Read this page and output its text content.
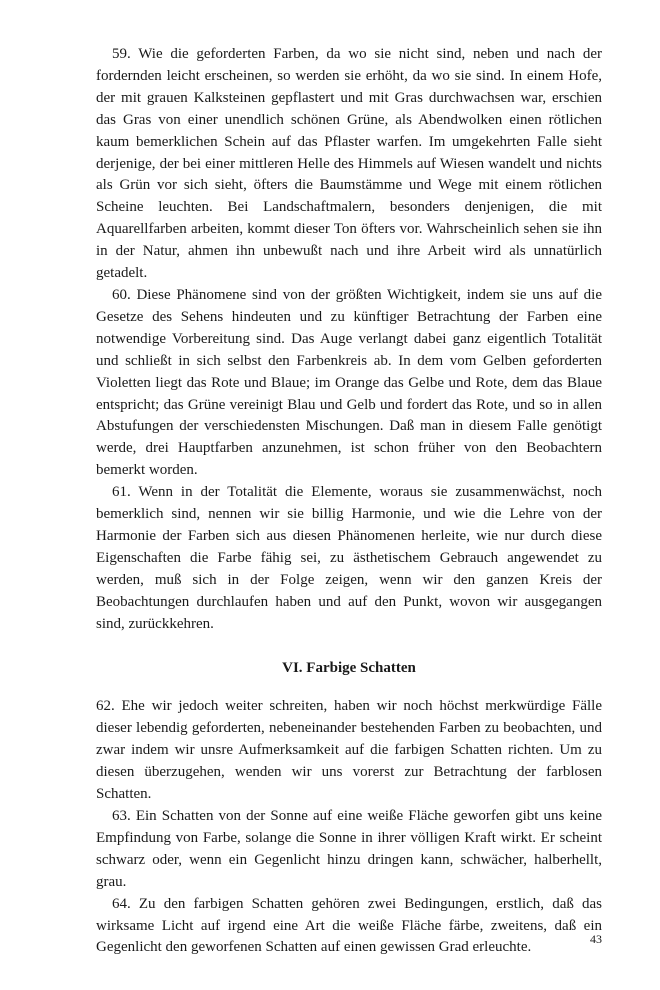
59. Wie die geforderten Farben, da wo sie nicht sind, neben und nach der fordernden leicht erscheinen, so werden sie erhöht, da wo sie sind. In einem Hofe, der mit grauen Kalksteinen gepflastert und mit Gras durchwachsen war, erschien das Gras von einer unendlich schönen Grüne, als Abendwolken einen rötlichen kaum bemerklichen Schein auf das Pflaster warfen. Im umgekehrten Falle sieht derjenige, der bei einer mittleren Helle des Himmels auf Wiesen wandelt und nichts als Grün vor sich sieht, öfters die Baumstämme und Wege mit einem rötlichen Scheine leuchten. Bei Landschaftmalern, besonders denjenigen, die mit Aquarellfarben arbeiten, kommt dieser Ton öfters vor. Wahrscheinlich sehen sie ihn in der Natur, ahmen ihn unbewußt nach und ihre Arbeit wird als unnatürlich getadelt.

60. Diese Phänomene sind von der größten Wichtigkeit, indem sie uns auf die Gesetze des Sehens hindeuten und zu künftiger Betrachtung der Farben eine notwendige Vorbereitung sind. Das Auge verlangt dabei ganz eigentlich Totalität und schließt in sich selbst den Farbenkreis ab. In dem vom Gelben geforderten Violetten liegt das Rote und Blaue; im Orange das Gelbe und Rote, dem das Blaue entspricht; das Grüne vereinigt Blau und Gelb und fordert das Rote, und so in allen Abstufungen der verschiedensten Mischungen. Daß man in diesem Falle genötigt werde, drei Hauptfarben anzunehmen, ist schon früher von den Beobachtern bemerkt worden.

61. Wenn in der Totalität die Elemente, woraus sie zusammenwächst, noch bemerklich sind, nennen wir sie billig Harmonie, und wie die Lehre von der Harmonie der Farben sich aus diesen Phänomenen herleite, wie nur durch diese Eigenschaften die Farbe fähig sei, zu ästhetischem Gebrauch angewendet zu werden, muß sich in der Folge zeigen, wenn wir den ganzen Kreis der Beobachtungen durchlaufen haben und auf den Punkt, wovon wir ausgegangen sind, zurückkehren.

VI. Farbige Schatten

62. Ehe wir jedoch weiter schreiten, haben wir noch höchst merkwürdige Fälle dieser lebendig geforderten, nebeneinander bestehenden Farben zu beobachten, und zwar indem wir unsre Aufmerksamkeit auf die farbigen Schatten richten. Um zu diesen überzugehen, wenden wir uns vorerst zur Betrachtung der farblosen Schatten.

63. Ein Schatten von der Sonne auf eine weiße Fläche geworfen gibt uns keine Empfindung von Farbe, solange die Sonne in ihrer völligen Kraft wirkt. Er scheint schwarz oder, wenn ein Gegenlicht hinzu dringen kann, schwächer, halberhellt, grau.

64. Zu den farbigen Schatten gehören zwei Bedingungen, erstlich, daß das wirksame Licht auf irgend eine Art die weiße Fläche färbe, zweitens, daß ein Gegenlicht den geworfenen Schatten auf einen gewissen Grad erleuchte.

43
